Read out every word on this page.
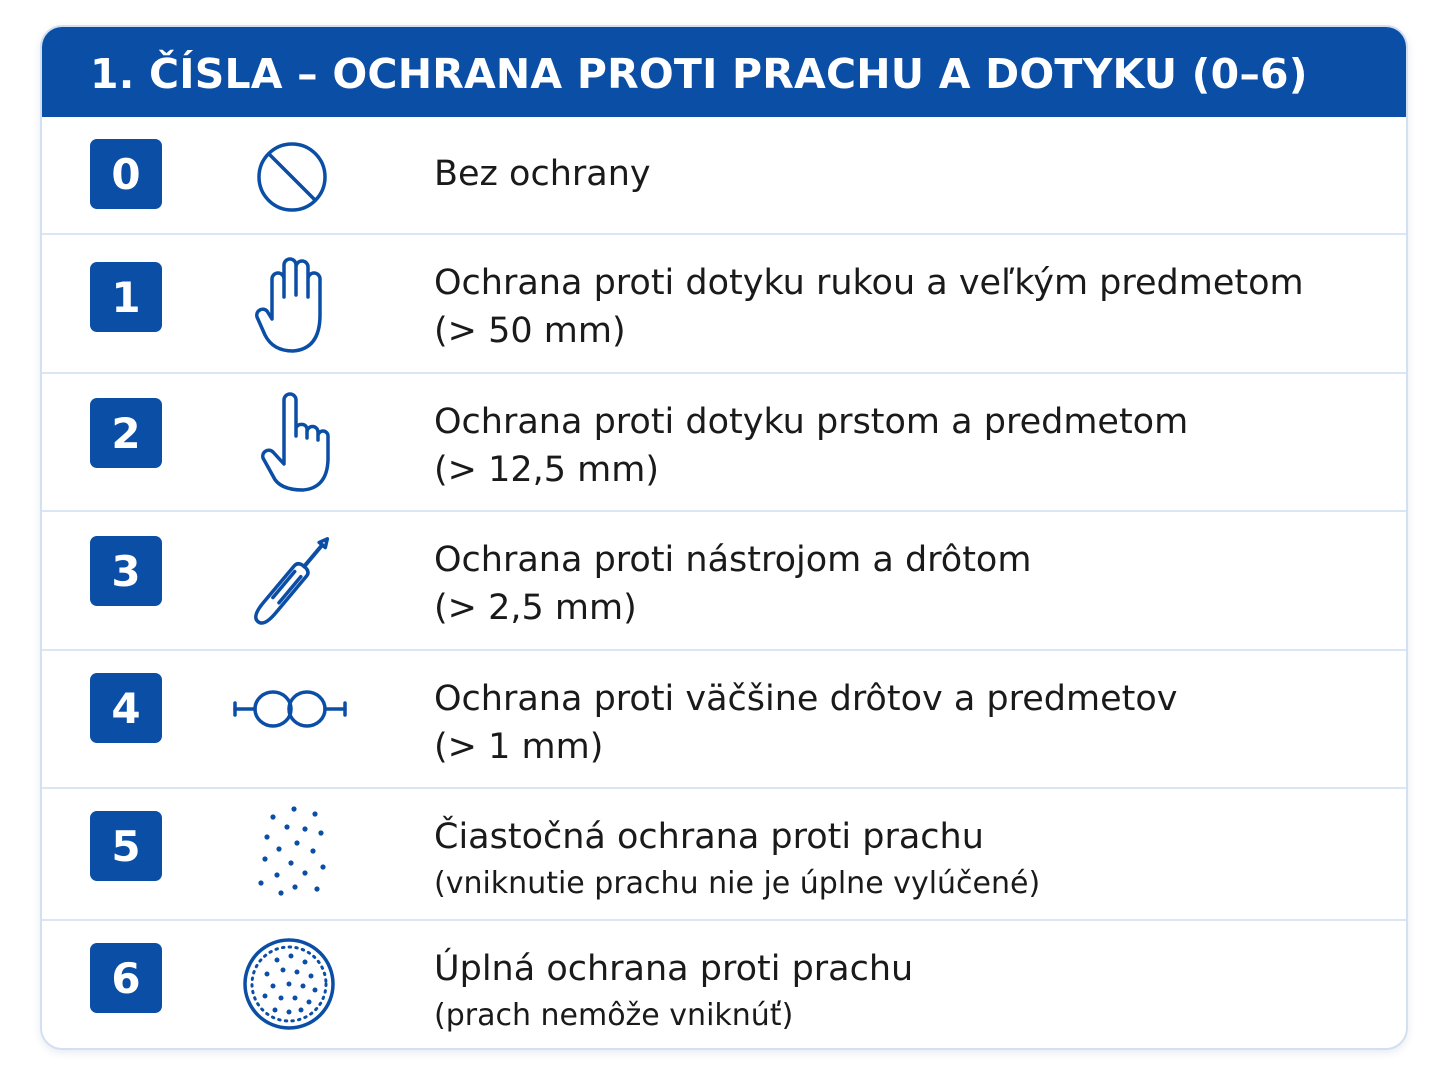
1. ČÍSLA – OCHRANA PROTI PRACHU A DOTYKU (0–6)
0	Bez ochrany
1	Ochrana proti dotyku rukou a veľkým predmetom
(> 50 mm)
2	Ochrana proti dotyku prstom a predmetom
(> 12,5 mm)
3	Ochrana proti nástrojom a drôtom
(> 2,5 mm)
4	Ochrana proti väčšine drôtov a predmetov
(> 1 mm)
5	Čiastočná ochrana proti prachu
(vniknutie prachu nie je úplne vylúčené)
6	Úplná ochrana proti prachu
(prach nemôže vniknúť)
